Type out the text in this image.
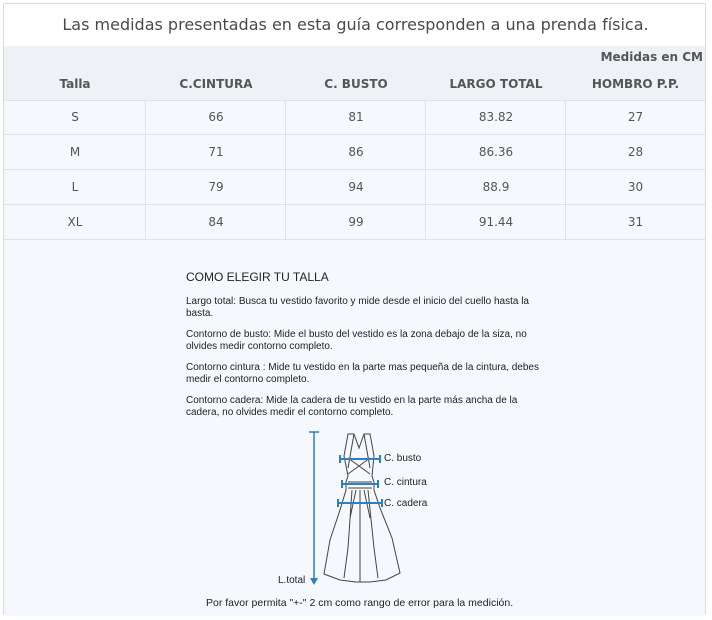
Las medidas presentadas en esta guía corresponden a una prenda física.
Medidas en CM
Talla	C.CINTURA	C. BUSTO	LARGO TOTAL	HOMBRO P.P.
S	66	81	83.82	27
M	71	86	86.36	28
L	79	94	88.9	30
XL	84	99	91.44	31
COMO ELEGIR TU TALLA
Largo total: Busca tu vestido favorito y mide desde el inicio del cuello hasta la basta.
Contorno de busto: Mide el busto del vestido es la zona debajo de la siza, no olvides medir contorno completo.
Contorno cintura : Mide tu vestido en la parte mas pequeña de la cintura, debes medir el contorno completo.
Contorno cadera: Mide la cadera de tu vestido en la parte más ancha de la cadera, no olvides medir el contorno completo.
C. busto
C. cintura
C. cadera
L.total
Por favor permita "+-" 2 cm como rango de error para la medición.
